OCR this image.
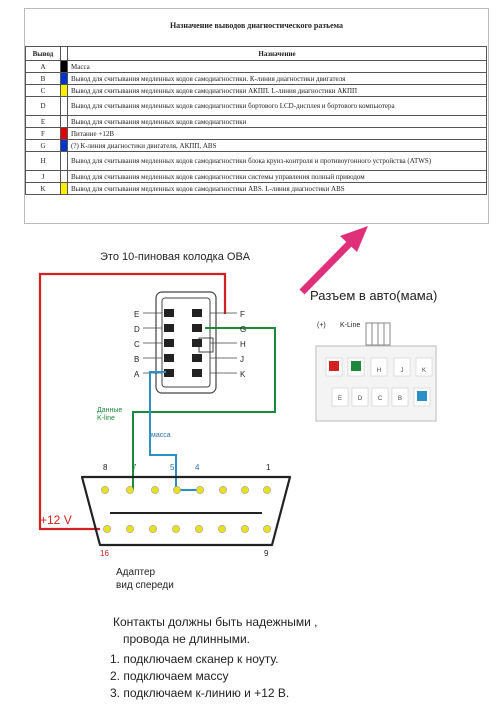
Назначение выводов диагностического разъема
Вывод		Назначение
A		Масса
B		Вывод для считывания медленных кодов самодиагностики. К-линия диагностики двигателя
C		Вывод для считывания медленных кодов самодиагностики АКПП. L-линия диагностики АКПП
D		Вывод для считывания медленных кодов самодиагностики бортового LCD-дисплея и бортового компьютера
E		Вывод для считывания медленных кодов самодиагностики
F		Питание +12В
G		(?) К-линия диагностики двигателя, АКПП, ABS
H		Вывод для считывания медленных кодов самодиагностики блока круиз-контроля и противоугонного устройства (ATWS)
J		Вывод для считывания медленных кодов самодиагностики системы управления полный приводом
K		Вывод для считывания медленных кодов самодиагностики ABS. L-линия диагностики ABS
H	J	K
E	D	C	B
Это 10-пиновая колодка OBA
E
D
C
B
A
F
G
H
J
K
Данные
K-line
масса
Разъем в авто(мама)
(+) K-Line
8	7	5	4	1
16	9
+12 V
Адаптер
вид спереди
Контакты должны быть надежными ,
провода не длинными.
1. подключаем сканер к ноуту.
2. подключаем массу
3. подключаем к-линию и +12 В.
